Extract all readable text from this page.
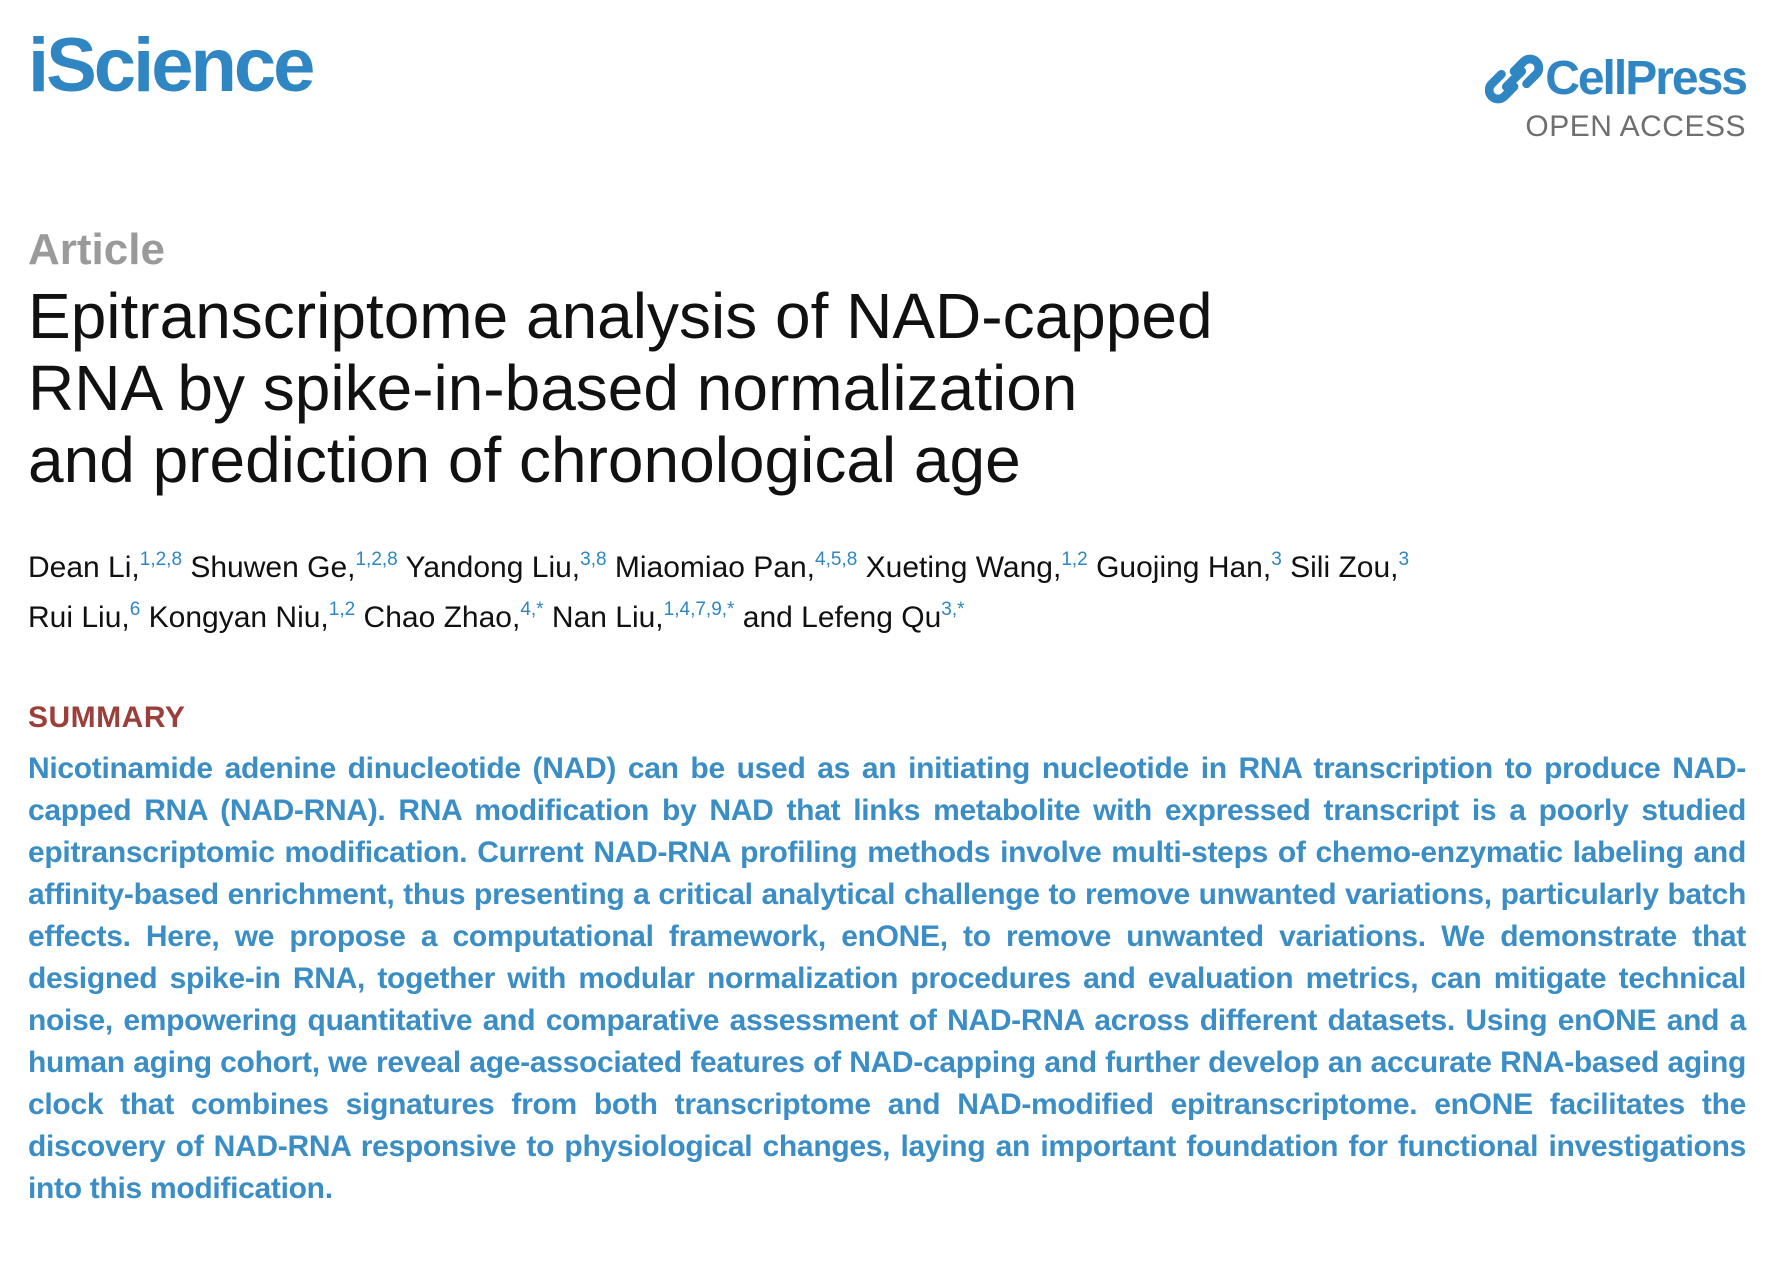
iScience	CellPress
OPEN ACCESS
Article
Epitranscriptome analysis of NAD-capped
RNA by spike-in-based normalization
and prediction of chronological age
Dean Li,$^{1,2,8}$ Shuwen Ge,$^{1,2,8}$ Yandong Liu,$^{3,8}$ Miaomiao Pan,$^{4,5,8}$ Xueting Wang,$^{1,2}$ Guojing Han,$^3$ Sili Zou,$^3$
Rui Liu,$^6$ Kongyan Niu,$^{1,2}$ Chao Zhao,$^{4,*}$ Nan Liu,$^{1,4,7,9,*}$ and Lefeng $Qu^{3,*}$
SUMMARY

Nicotinamide adenine dinucleotide (NAD) can be used as an initiating nucleotide in RNA transcription to produce NAD-capped RNA (NAD-RNA). RNA modification by NAD that links metabolite with expressed transcript is a poorly studied epitranscriptomic modification. Current NAD-RNA profiling methods involve multi-steps of chemo-enzymatic labeling and affinity-based enrichment, thus presenting a critical analytical challenge to remove unwanted variations, particularly batch effects. Here, we propose a computational framework, enONE, to remove unwanted variations. We demonstrate that designed spike-in RNA, together with modular normalization procedures and evaluation metrics, can mitigate technical noise, empowering quantitative and comparative assessment of NAD-RNA across different datasets. Using enONE and a human aging cohort, we reveal age-associated features of NAD-capping and further develop an accurate RNA-based aging clock that combines signatures from both transcriptome and NAD-modified epitranscriptome. enONE facilitates the discovery of NAD-RNA responsive to physiological changes, laying an important foundation for functional investigations into this modification.
